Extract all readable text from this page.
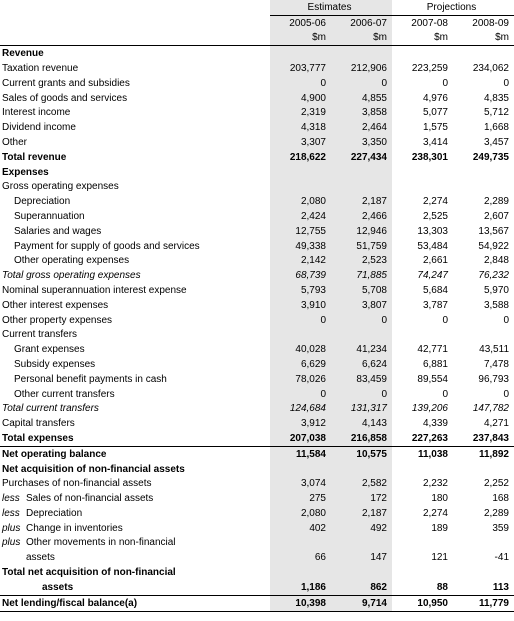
	Estimates		Projections	
	2005-06	2006-07	2007-08	2008-09
	$m	$m	$m	$m
Revenue				
Taxation revenue	203,777	212,906	223,259	234,062
Current grants and subsidies	0	0	0	0
Sales of goods and services	4,900	4,855	4,976	4,835
Interest income	2,319	3,858	5,077	5,712
Dividend income	4,318	2,464	1,575	1,668
Other	3,307	3,350	3,414	3,457
Total revenue	218,622	227,434	238,301	249,735
Expenses				
Gross operating expenses				
Depreciation	2,080	2,187	2,274	2,289
Superannuation	2,424	2,466	2,525	2,607
Salaries and wages	12,755	12,946	13,303	13,567
Payment for supply of goods and services	49,338	51,759	53,484	54,922
Other operating expenses	2,142	2,523	2,661	2,848
Total gross operating expenses	68,739	71,885	74,247	76,232
Nominal superannuation interest expense	5,793	5,708	5,684	5,970
Other interest expenses	3,910	3,807	3,787	3,588
Other property expenses	0	0	0	0
Current transfers				
Grant expenses	40,028	41,234	42,771	43,511
Subsidy expenses	6,629	6,624	6,881	7,478
Personal benefit payments in cash	78,026	83,459	89,554	96,793
Other current transfers	0	0	0	0
Total current transfers	124,684	131,317	139,206	147,782
Capital transfers	3,912	4,143	4,339	4,271
Total expenses	207,038	216,858	227,263	237,843
Net operating balance	11,584	10,575	11,038	11,892
Net acquisition of non-financial assets				
Purchases of non-financial assets	3,074	2,582	2,232	2,252
less Sales of non-financial assets	275	172	180	168
less Depreciation	2,080	2,187	2,274	2,289
plus Change in inventories	402	492	189	359
plus Other movements in non-financial				
assets	66	147	121	-41
Total net acquisition of non-financial				
assets	1,186	862	88	113
Net lending/fiscal balance(a)	10,398	9,714	10,950	11,779
